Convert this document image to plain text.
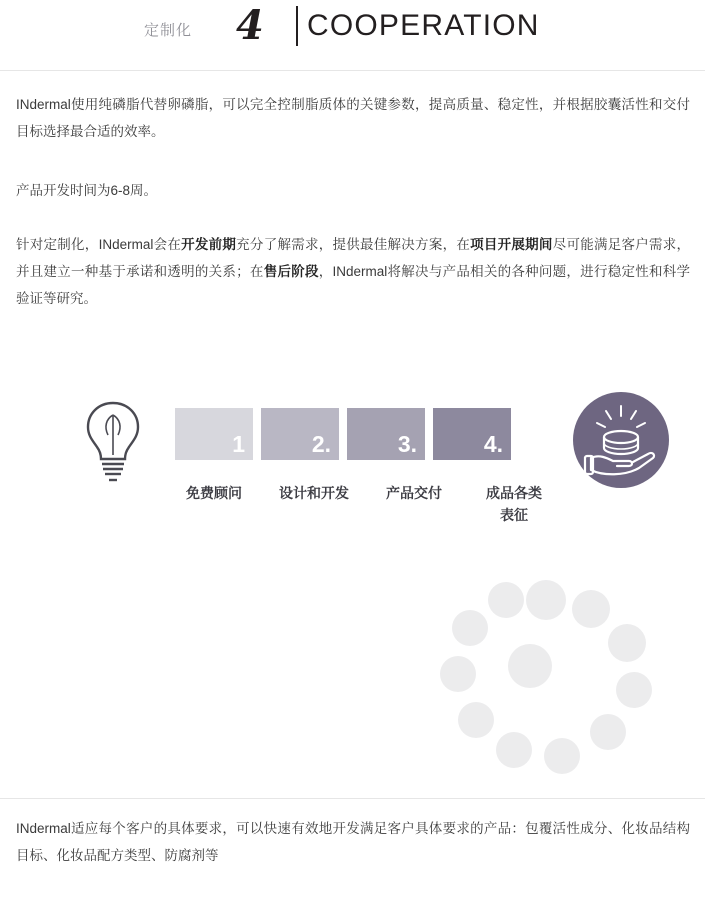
定制化 4 COOPERATION
INdermal使用纯磷脂代替卵磷脂，可以完全控制脂质体的关键参数，提高质量、稳定性，并根据胶囊活性和交付目标选择最合适的效率。
产品开发时间为6-8周。
针对定制化，INdermal会在开发前期充分了解需求，提供最佳解决方案，在项目开展期间尽可能满足客户需求，并且建立一种基于承诺和透明的关系；在售后阶段，INdermal将解决与产品相关的各种问题，进行稳定性和科学验证等研究。
1	2.	3.	4.
免费顾问	设计和开发	产品交付	成品各类
表征
INdermal适应每个客户的具体要求，可以快速有效地开发满足客户具体要求的产品：包覆活性成分、化妆品结构目标、化妆品配方类型、防腐剂等
